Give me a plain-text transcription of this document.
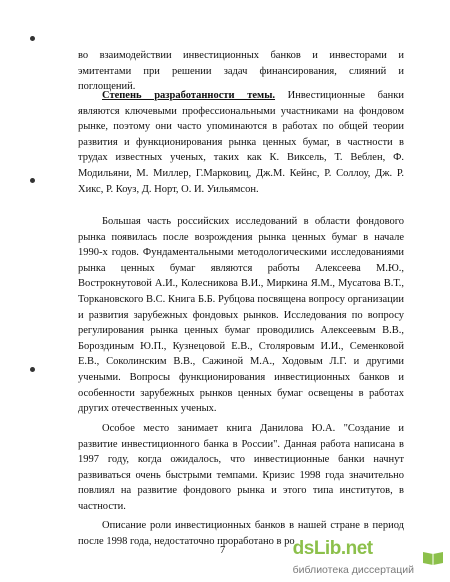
во взаимодействии инвестиционных банков и инвесторами и эмитентами при решении задач финансирования, слияний и поглощений.
Степень разработанности темы. Инвестиционные банки являются ключевыми профессиональными участниками на фондовом рынке, поэтому они часто упоминаются в работах по общей теории развития и функционирования рынка ценных бумаг, в частности в трудах известных ученых, таких как К. Виксель, Т. Веблен, Ф. Модильяни, М. Миллер, Г.Марковиц, Дж.М. Кейнс, Р. Соллоу, Дж. Р. Хикс, Р. Коуз, Д. Норт, О. И. Уильямсон.
Большая часть российских исследований в области фондового рынка появилась после возрождения рынка ценных бумаг в начале 1990-х годов. Фундаментальными методологическими исследованиями рынка ценных бумаг являются работы Алексеева М.Ю., Вострокнутовой А.И., Колесникова В.И., Миркина Я.М., Мусатова В.Т., Торкановского В.С. Книга Б.Б. Рубцова посвящена вопросу организации и развития зарубежных фондовых рынков. Исследования по вопросу регулирования рынка ценных бумаг проводились Алексеевым В.В., Бороздиным Ю.П., Кузнецовой Е.В., Столяровым И.И., Семенковой Е.В., Соколинским В.В., Сажиной М.А., Ходовым Л.Г. и другими учеными. Вопросы функционирования инвестиционных банков и особенности зарубежных рынков ценных бумаг освещены в работах других отечественных ученых.
Особое место занимает книга Данилова Ю.А. "Создание и развитие инвестиционного банка в России". Данная работа написана в 1997 году, когда ожидалось, что инвестиционные банки начнут развиваться очень быстрыми темпами. Кризис 1998 года значительно повлиял на развитие фондового рынка и этого типа институтов, в частности.
Описание роли инвестиционных банков в нашей стране в период после 1998 года, недостаточно проработано в ро
7	dsLib.net
библиотека диссертаций
